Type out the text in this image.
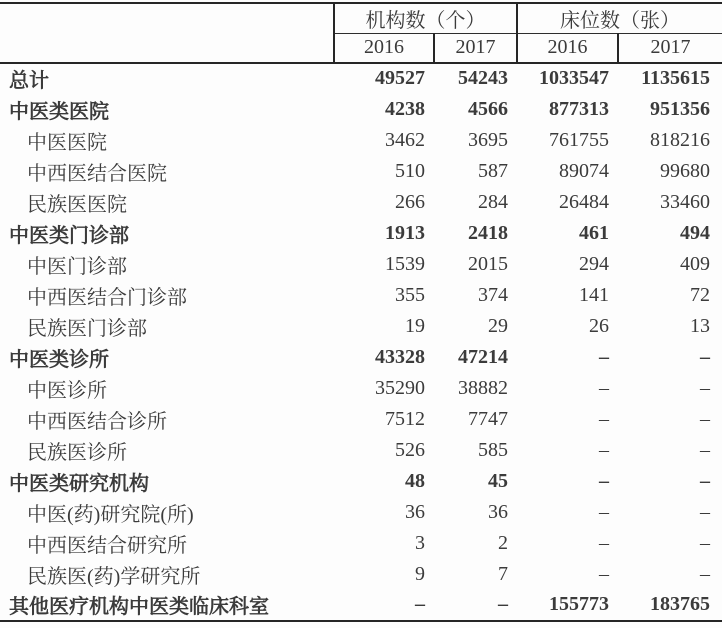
	机构数（个）		床位数（张）	
	2016	2017	2016	2017
总计	49527	54243	1033547	1135615
中医类医院	4238	4566	877313	951356
中医医院	3462	3695	761755	818216
中西医结合医院	510	587	89074	99680
民族医医院	266	284	26484	33460
中医类门诊部	1913	2418	461	494
中医门诊部	1539	2015	294	409
中西医结合门诊部	355	374	141	72
民族医门诊部	19	29	26	13
中医类诊所	43328	47214	–	–
中医诊所	35290	38882	–	–
中西医结合诊所	7512	7747	–	–
民族医诊所	526	585	–	–
中医类研究机构	48	45	–	–
中医(药)研究院(所)	36	36	–	–
中西医结合研究所	3	2	–	–
民族医(药)学研究所	9	7	–	–
其他医疗机构中医类临床科室	–	–	155773	183765
